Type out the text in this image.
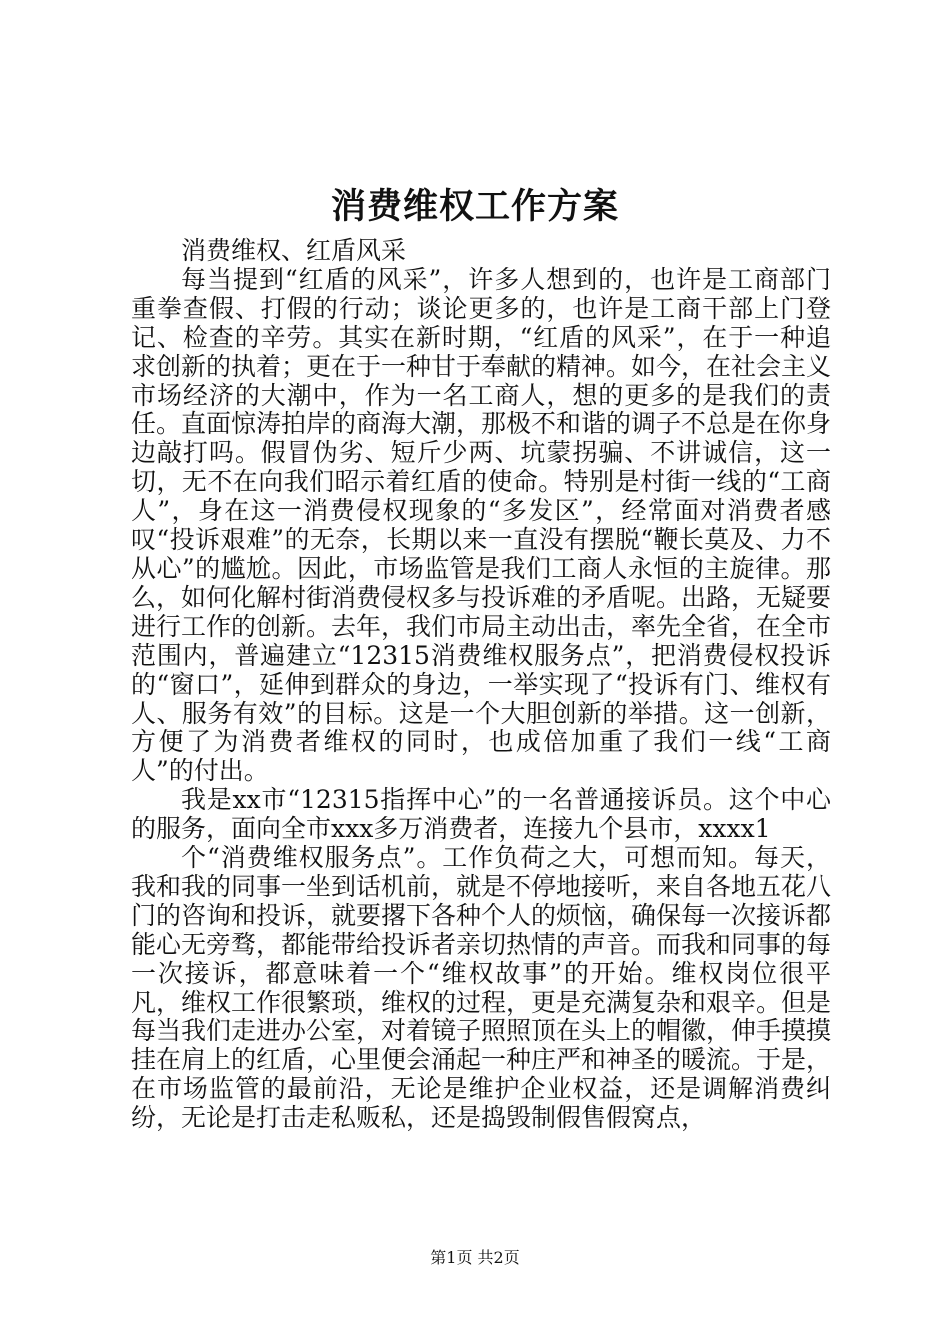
消费维权工作方案

消费维权、红盾风采

每当提到“红盾的风采”，许多人想到的，也许是工商部门重拳查假、打假的行动；谈论更多的，也许是工商干部上门登记、检查的辛劳。其实在新时期，“红盾的风采”，在于一种追求创新的执着；更在于一种甘于奉献的精神。如今，在社会主义市场经济的大潮中，作为一名工商人，想的更多的是我们的责任。直面惊涛拍岸的商海大潮，那极不和谐的调子不总是在你身边敲打吗。假冒伪劣、短斤少两、坑蒙拐骗、不讲诚信，这一切，无不在向我们昭示着红盾的使命。特别是村街一线的“工商人”，身在这一消费侵权现象的“多发区”，经常面对消费者感叹“投诉艰难”的无奈，长期以来一直没有摆脱“鞭长莫及、力不从心”的尴尬。因此，市场监管是我们工商人永恒的主旋律。那么，如何化解村街消费侵权多与投诉难的矛盾呢。出路，无疑要进行工作的创新。去年，我们市局主动出击，率先全省，在全市范围内，普遍建立“12315消费维权服务点”，把消费侵权投诉的“窗口”，延伸到群众的身边，一举实现了“投诉有门、维权有人、服务有效”的目标。这是一个大胆创新的举措。这一创新，方便了为消费者维权的同时，也成倍加重了我们一线“工商人”的付出。

我是xx市“12315指挥中心”的一名普通接诉员。这个中心的服务，面向全市xxx多万消费者，连接九个县市，xxxx1

个“消费维权服务点”。工作负荷之大，可想而知。每天，我和我的同事一坐到话机前，就是不停地接听，来自各地五花八门的咨询和投诉，就要撂下各种个人的烦恼，确保每一次接诉都能心无旁骛，都能带给投诉者亲切热情的声音。而我和同事的每一次接诉，都意味着一个“维权故事”的开始。维权岗位很平凡，维权工作很繁琐，维权的过程，更是充满复杂和艰辛。但是每当我们走进办公室，对着镜子照照顶在头上的帽徽，伸手摸摸挂在肩上的红盾，心里便会涌起一种庄严和神圣的暖流。于是，在市场监管的最前沿，无论是维护企业权益，还是调解消费纠纷，无论是打击走私贩私，还是捣毁制假售假窝点，

第1页 共2页
